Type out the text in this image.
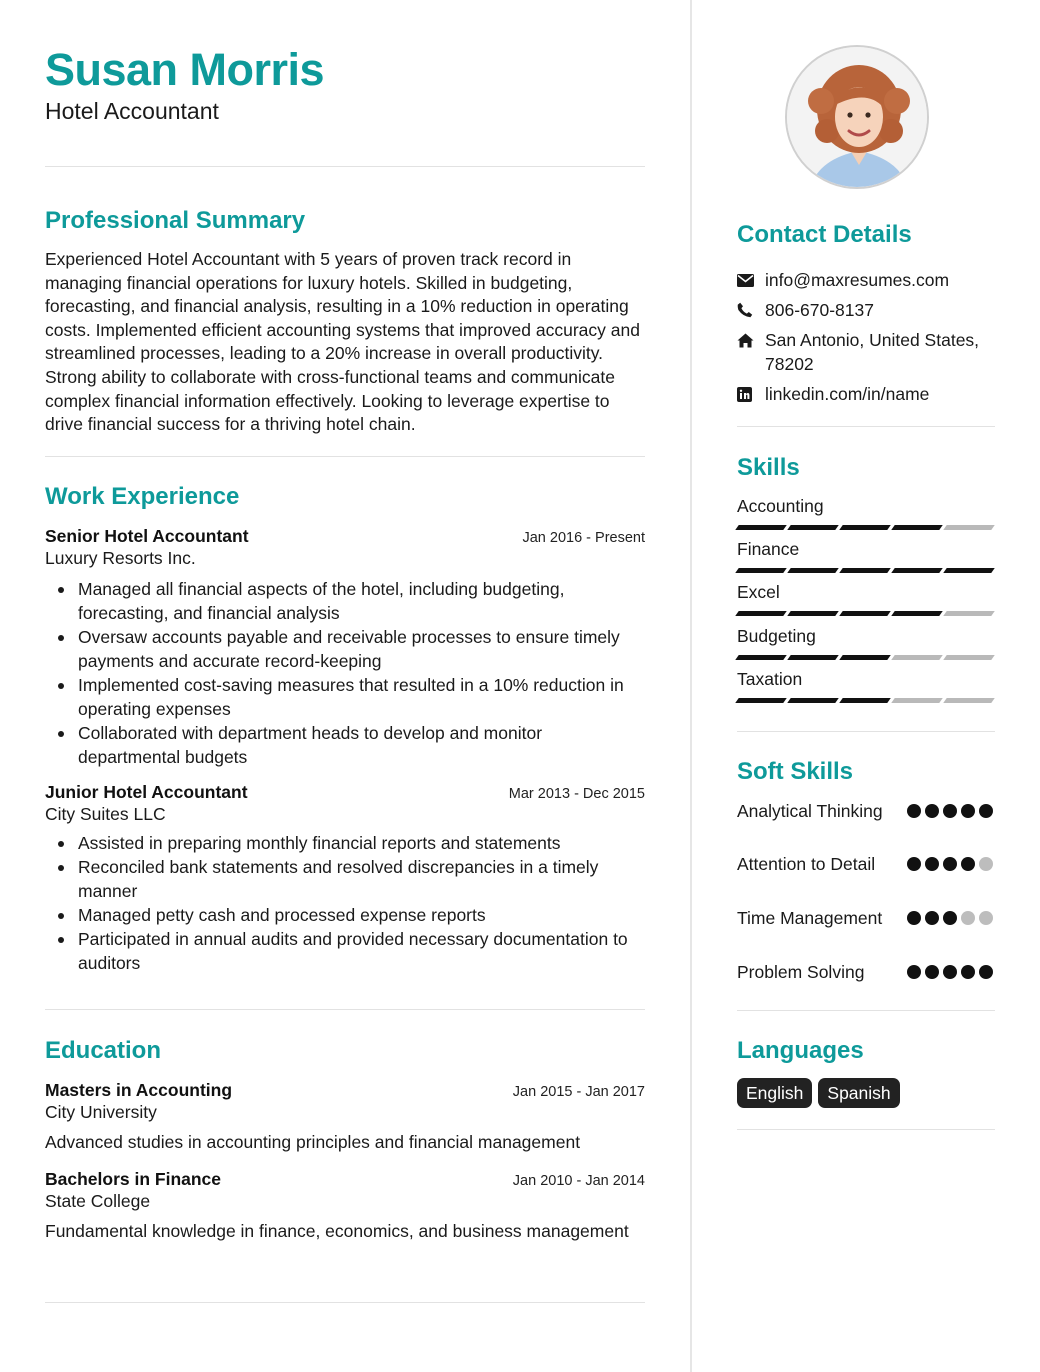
Susan Morris
Hotel Accountant
Professional Summary
Experienced Hotel Accountant with 5 years of proven track record in managing financial operations for luxury hotels. Skilled in budgeting, forecasting, and financial analysis, resulting in a 10% reduction in operating costs. Implemented efficient accounting systems that improved accuracy and streamlined processes, leading to a 20% increase in overall productivity. Strong ability to collaborate with cross-functional teams and communicate complex financial information effectively. Looking to leverage expertise to drive financial success for a thriving hotel chain.
Work Experience
Senior Hotel Accountant	Jan 2016 - Present
Luxury Resorts Inc.
Managed all financial aspects of the hotel, including budgeting, forecasting, and financial analysis
Oversaw accounts payable and receivable processes to ensure timely payments and accurate record-keeping
Implemented cost-saving measures that resulted in a 10% reduction in operating expenses
Collaborated with department heads to develop and monitor departmental budgets
Junior Hotel Accountant	Mar 2013 - Dec 2015
City Suites LLC
Assisted in preparing monthly financial reports and statements
Reconciled bank statements and resolved discrepancies in a timely manner
Managed petty cash and processed expense reports
Participated in annual audits and provided necessary documentation to auditors
Education
Masters in Accounting	Jan 2015 - Jan 2017
City University
Advanced studies in accounting principles and financial management
Bachelors in Finance	Jan 2010 - Jan 2014
State College
Fundamental knowledge in finance, economics, and business management
Contact Details
info@maxresumes.com
806-670-8137
San Antonio, United States, 78202
linkedin.com/in/name
Skills
Accounting
Finance
Excel
Budgeting
Taxation
Soft Skills
Analytical Thinking
Attention to Detail
Time Management
Problem Solving
Languages
English	Spanish
